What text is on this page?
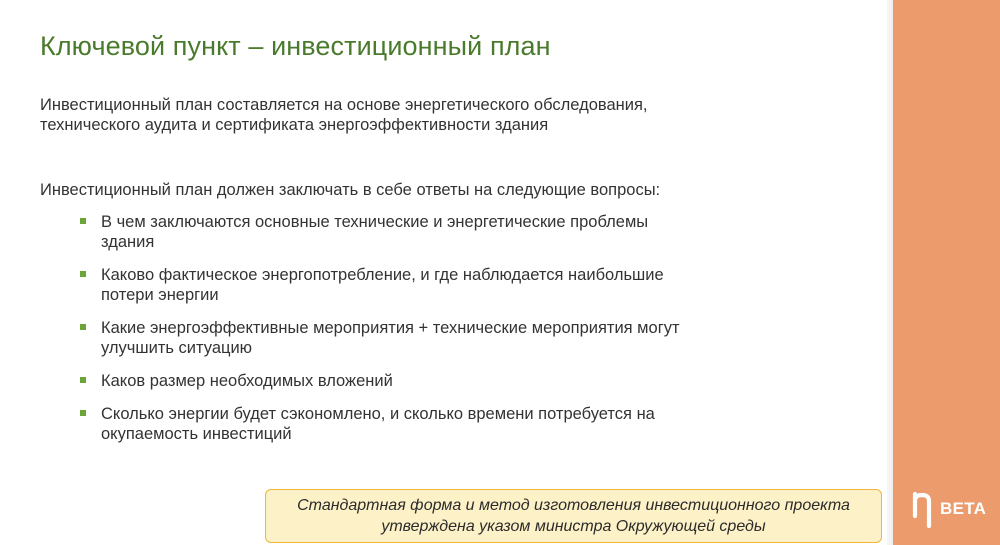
Ключевой пункт – инвестиционный план
Инвестиционный план составляется на основе энергетического обследования,
технического аудита и сертификата энергоэффективности здания
Инвестиционный план должен заключать в себе ответы на следующие вопросы:
В чем заключаются основные технические и энергетические проблемы
здания
Каково фактическое энергопотребление, и где наблюдается наибольшие
потери энергии
Какие энергоэффективные мероприятия + технические мероприятия могут
улучшить ситуацию
Каков размер необходимых вложений
Сколько энергии будет сэкономлено, и сколько времени потребуется на
окупаемость инвестиций
Стандартная форма и метод изготовления инвестиционного проекта
утверждена указом министра Окружующей среды
BETA
